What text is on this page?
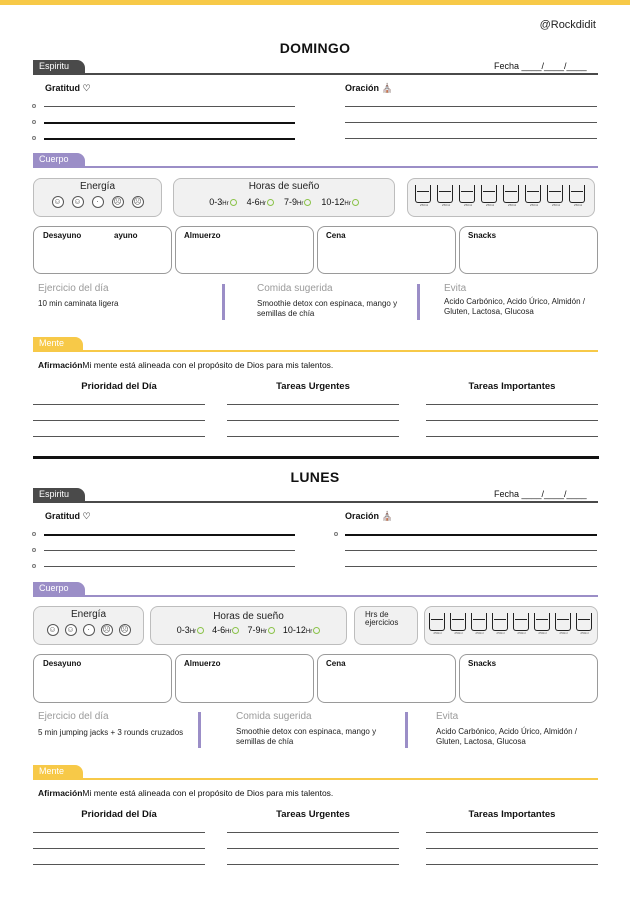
@Rockdidit
DOMINGO
Espiritu	Fecha ____/____/____
Gratitud ♡	Oración ⛪
Cuerpo
Energía
☺ ☺	·	☹ ☹
Horas de sueño
0-3Hr	4-6Hr	7-9Hr	10-12Hr	250ml	250ml	250ml	250ml	250ml	250ml	250ml	250ml
Desayuno	ayuno	Almuerzo	Cena	Snacks
Ejercicio del día
10 min caminata ligera
Comida sugerida
Smoothie detox con espinaca, mango y semillas de chía
Evita
Acido Carbónico, Acido Úrico, Almidón / Gluten, Lactosa, Glucosa
Mente
AfirmaciónMi mente está alineada con el propósito de Dios para mis talentos.
Prioridad del Día	Tareas Urgentes	Tareas Importantes
LUNES
Espiritu	Fecha ____/____/____
Gratitud ♡	Oración ⛪
Cuerpo
Energía
☺ ☺	·	☹ ☹
Horas de sueño
0-3Hr	4-6Hr	7-9Hr	10-12Hr
Hrs de ejercicios
250ml	250ml	250ml	250ml	250ml	250ml	250ml	250ml
Desayuno	Almuerzo	Cena	Snacks
Ejercicio del día
5 min jumping jacks + 3 rounds cruzados
Comida sugerida
Smoothie detox con espinaca, mango y semillas de chía
Evita
Acido Carbónico, Acido Úrico, Almidón / Gluten, Lactosa, Glucosa
Mente
AfirmaciónMi mente está alineada con el propósito de Dios para mis talentos.
Prioridad del Día	Tareas Urgentes	Tareas Importantes
